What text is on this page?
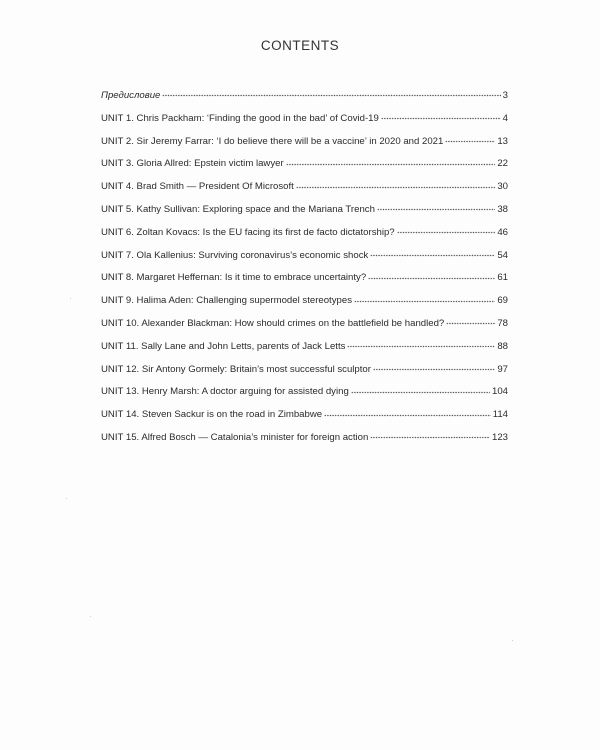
CONTENTS
Предисловие	3
UNIT 1. Chris Packham: ‘Finding the good in the bad’ of Covid-19	4
UNIT 2. Sir Jeremy Farrar: ‘I do believe there will be a vaccine’ in 2020 and 2021	13
UNIT 3. Gloria Allred: Epstein victim lawyer	22
UNIT 4. Brad Smith — President Of Microsoft	30
UNIT 5. Kathy Sullivan: Exploring space and the Mariana Trench	38
UNIT 6. Zoltan Kovacs: Is the EU facing its first de facto dictatorship?	46
UNIT 7. Ola Kallenius: Surviving coronavirus’s economic shock	54
UNIT 8. Margaret Heffernan: Is it time to embrace uncertainty?	61
UNIT 9. Halima Aden: Challenging supermodel stereotypes	69
UNIT 10. Alexander Blackman: How should crimes on the battlefield be handled?	78
UNIT 11. Sally Lane and John Letts, parents of Jack Letts	88
UNIT 12. Sir Antony Gormely: Britain’s most successful sculptor	97
UNIT 13. Henry Marsh: A doctor arguing for assisted dying	104
UNIT 14. Steven Sackur is on the road in Zimbabwe	114
UNIT 15. Alfred Bosch — Catalonia’s minister for foreign action	123
